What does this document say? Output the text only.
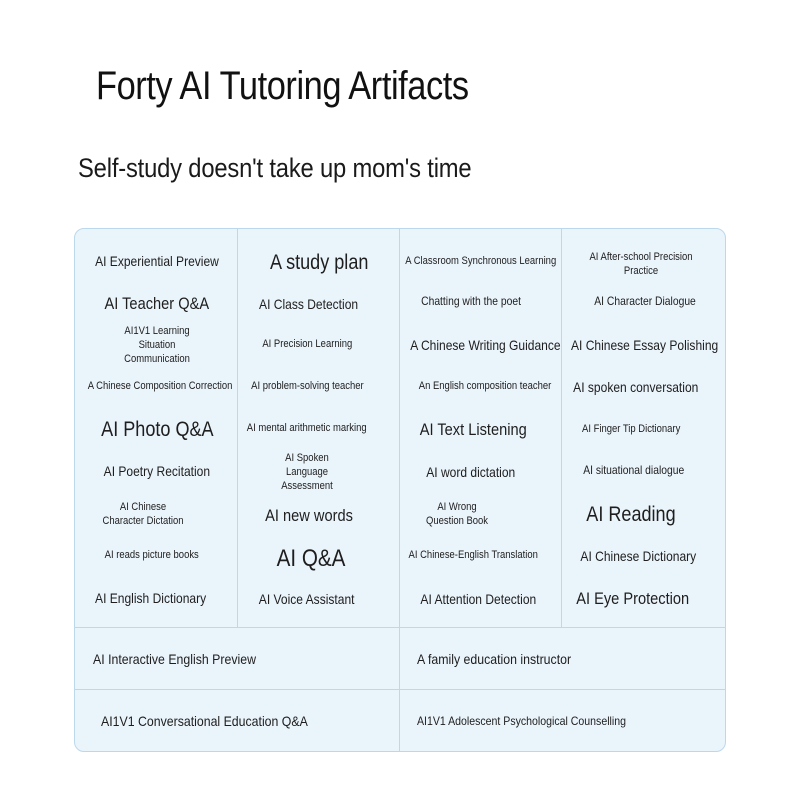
Forty AI Tutoring Artifacts
Self-study doesn't take up mom's time
AI Experiential Preview
AI Teacher Q&A
AI1V1 Learning Situation Communication
A Chinese Composition Correction
AI Photo Q&A
AI Poetry Recitation
AI Chinese Character Dictation
AI reads picture books
AI English Dictionary
A study plan
AI Class Detection
AI Precision Learning
AI problem-solving teacher
AI mental arithmetic marking
AI Spoken Language Assessment
AI new words
AI Q&A
AI Voice Assistant
A Classroom Synchronous Learning
Chatting with the poet
A Chinese Writing Guidance
An English composition teacher
AI Text Listening
AI word dictation
AI Wrong Question Book
AI Chinese-English Translation
AI Attention Detection
AI After-school Precision Practice
AI Character Dialogue
AI Chinese Essay Polishing
AI spoken conversation
AI Finger Tip Dictionary
AI situational dialogue
AI Reading
AI Chinese Dictionary
AI Eye Protection
AI Interactive English Preview	A family education instructor
AI1V1 Conversational Education Q&A	AI1V1 Adolescent Psychological Counselling
